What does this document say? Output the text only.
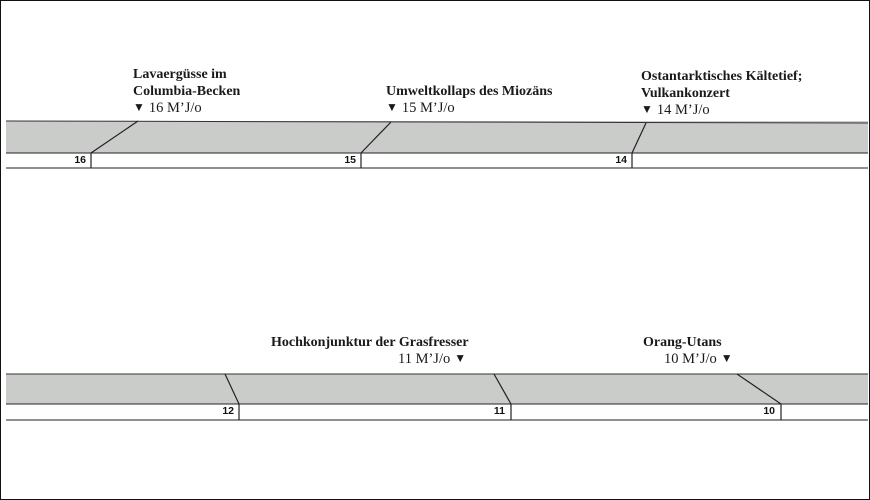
16	15	14
Lavaergüsse im
Columbia-Becken
▼ 16 M’J/o
Umweltkollaps des Miozäns
▼ 15 M’J/o
Ostantarktisches Kältetief;
Vulkankonzert
▼ 14 M’J/o
12	11	10
Hochkonjunktur der Grasfresser
11 M’J/o ▼
Orang-Utans
10 M’J/o ▼
